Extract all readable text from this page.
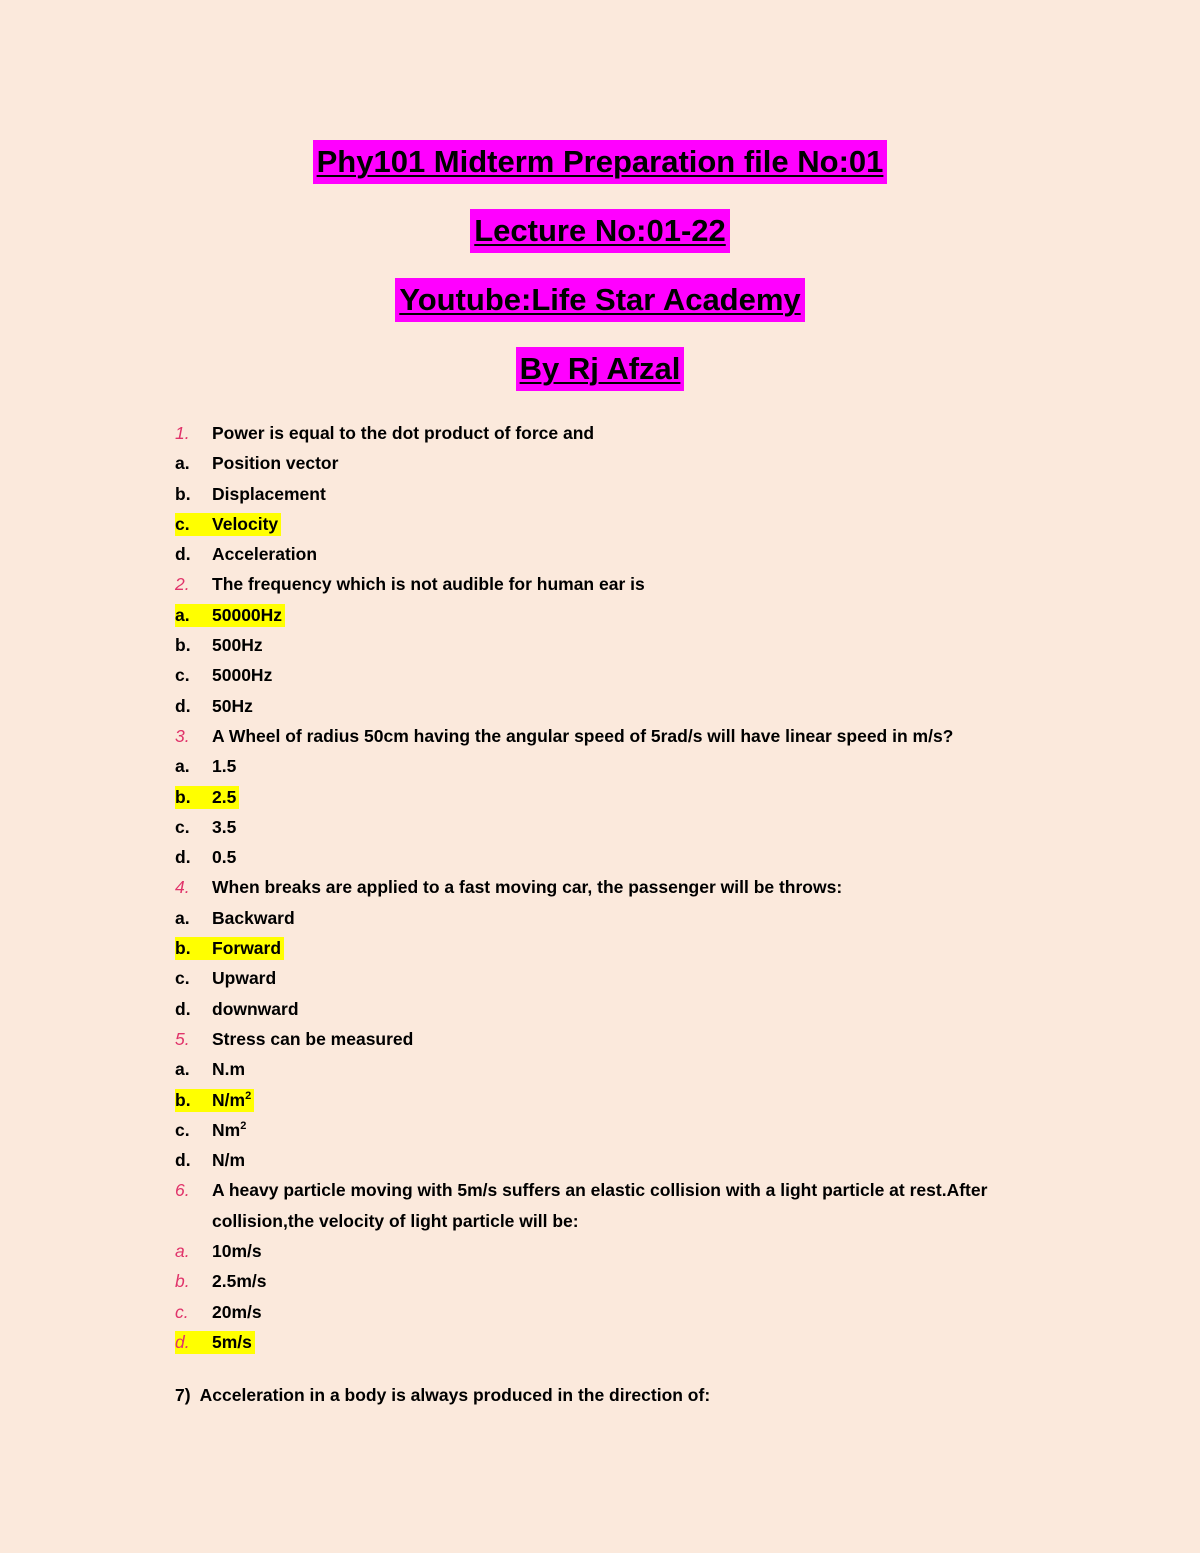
Phy101 Midterm Preparation file No:01
Lecture No:01-22
Youtube:Life Star Academy
By Rj Afzal
1. Power is equal to the dot product of force and
a. Position vector
b. Displacement
c. Velocity
d. Acceleration
2. The frequency which is not audible for human ear is
a. 50000Hz
b. 500Hz
c. 5000Hz
d. 50Hz
3. A Wheel of radius 50cm having the angular speed of 5rad/s will have linear speed in m/s?
a. 1.5
b. 2.5
c. 3.5
d. 0.5
4. When breaks are applied to a fast moving car, the passenger will be throws:
a. Backward
b. Forward
c. Upward
d. downward
5. Stress can be measured
a. N.m
b. $N/m^2$
c. Nm$^2$
d. N/m
6. A heavy particle moving with 5m/s suffers an elastic collision with a light particle at rest.After collision,the velocity of light particle will be:
a. 10m/s
b. 2.5m/s
c. 20m/s
d. 5m/s
7) Acceleration in a body is always produced in the direction of:
